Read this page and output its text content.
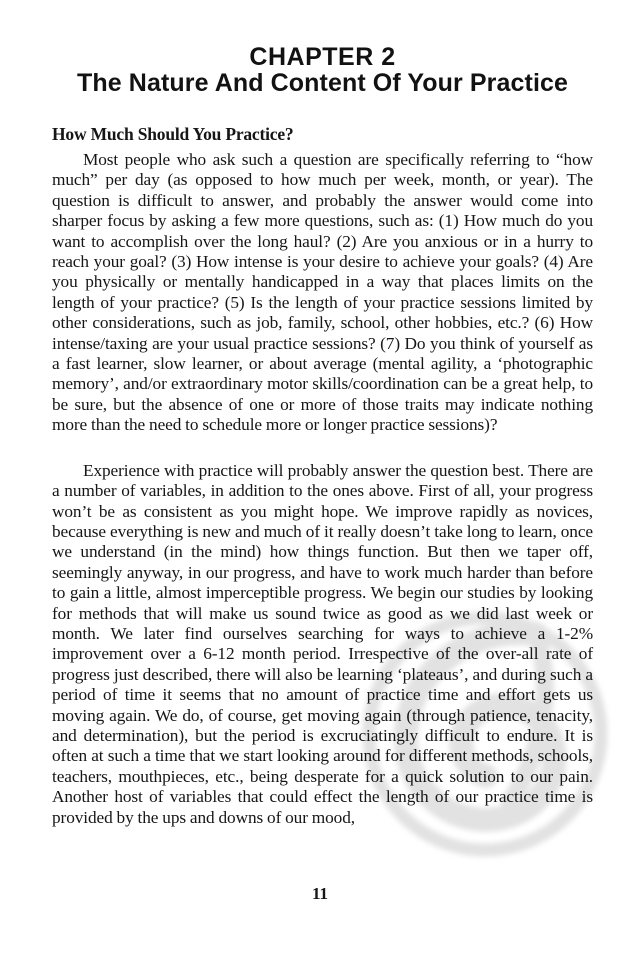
CHAPTER 2
The Nature And Content Of Your Practice
How Much Should You Practice?

Most people who ask such a question are specifically referring to “how much” per day (as opposed to how much per week, month, or year). The question is difficult to answer, and probably the answer would come into sharper focus by asking a few more questions, such as: (1) How much do you want to accomplish over the long haul? (2) Are you anxious or in a hurry to reach your goal? (3) How intense is your desire to achieve your goals? (4) Are you physically or mentally handicapped in a way that places limits on the length of your practice? (5) Is the length of your practice sessions limited by other considerations, such as job, family, school, other hobbies, etc.? (6) How intense/taxing are your usual practice sessions? (7) Do you think of yourself as a fast learner, slow learner, or about average (mental agility, a ‘photographic memory’, and/or extraordinary motor skills/coordination can be a great help, to be sure, but the absence of one or more of those traits may indicate nothing more than the need to schedule more or longer practice sessions)?

Experience with practice will probably answer the question best. There are a number of variables, in addition to the ones above. First of all, your progress won’t be as consistent as you might hope. We improve rapidly as novices, because everything is new and much of it really doesn’t take long to learn, once we understand (in the mind) how things function. But then we taper off, seemingly anyway, in our progress, and have to work much harder than before to gain a little, almost imperceptible progress. We begin our studies by looking for methods that will make us sound twice as good as we did last week or month. We later find ourselves searching for ways to achieve a 1-2% improvement over a 6-12 month period. Irrespective of the over-all rate of progress just described, there will also be learning ‘plateaus’, and during such a period of time it seems that no amount of practice time and effort gets us moving again. We do, of course, get moving again (through patience, tenacity, and determination), but the period is excruciatingly difficult to endure. It is often at such a time that we start looking around for different methods, schools, teachers, mouthpieces, etc., being desperate for a quick solution to our pain. Another host of variables that could effect the length of our practice time is provided by the ups and downs of our mood,

11
